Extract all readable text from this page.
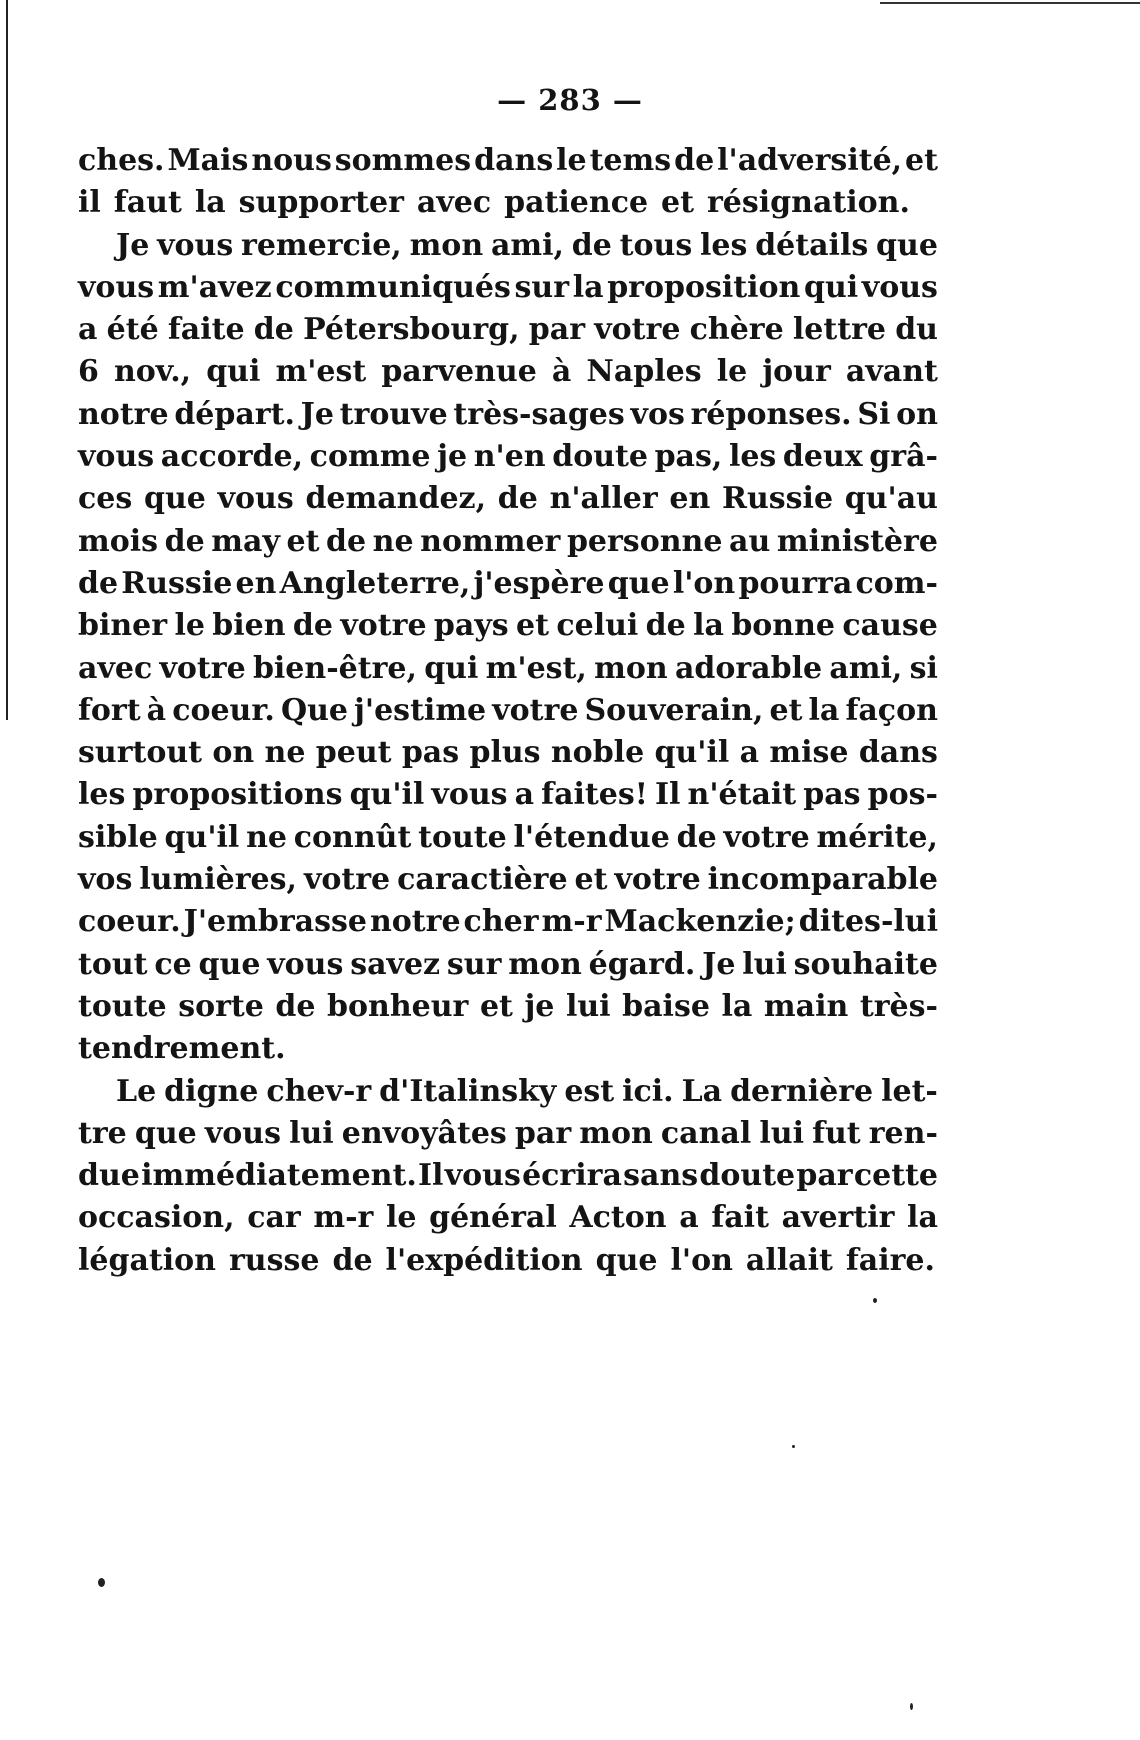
— 283 —
ches. Mais nous sommes dans le tems de l'adversité, et
il faut la supporter avec patience et résignation.
Je vous remercie, mon ami, de tous les détails que
vous m'avez communiqués sur la proposition qui vous
a été faite de Pétersbourg, par votre chère lettre du
6 nov., qui m'est parvenue à Naples le jour avant
notre départ. Je trouve très-sages vos réponses. Si on
vous accorde, comme je n'en doute pas, les deux grâ-
ces que vous demandez, de n'aller en Russie qu'au
mois de may et de ne nommer personne au ministère
de Russie en Angleterre, j'espère que l'on pourra com-
biner le bien de votre pays et celui de la bonne cause
avec votre bien-être, qui m'est, mon adorable ami, si
fort à coeur. Que j'estime votre Souverain, et la façon
surtout on ne peut pas plus noble qu'il a mise dans
les propositions qu'il vous a faites! Il n'était pas pos-
sible qu'il ne connût toute l'étendue de votre mérite,
vos lumières, votre caractière et votre incomparable
coeur. J'embrasse notre cher m-r Mackenzie; dites-lui
tout ce que vous savez sur mon égard. Je lui souhaite
toute sorte de bonheur et je lui baise la main très-
tendrement.
Le digne chev-r d'Italinsky est ici. La dernière let-
tre que vous lui envoyâtes par mon canal lui fut ren-
due immédiatement. Il vous écrira sans doute par cette
occasion, car m-r le général Acton a fait avertir la
légation russe de l'expédition que l'on allait faire.
